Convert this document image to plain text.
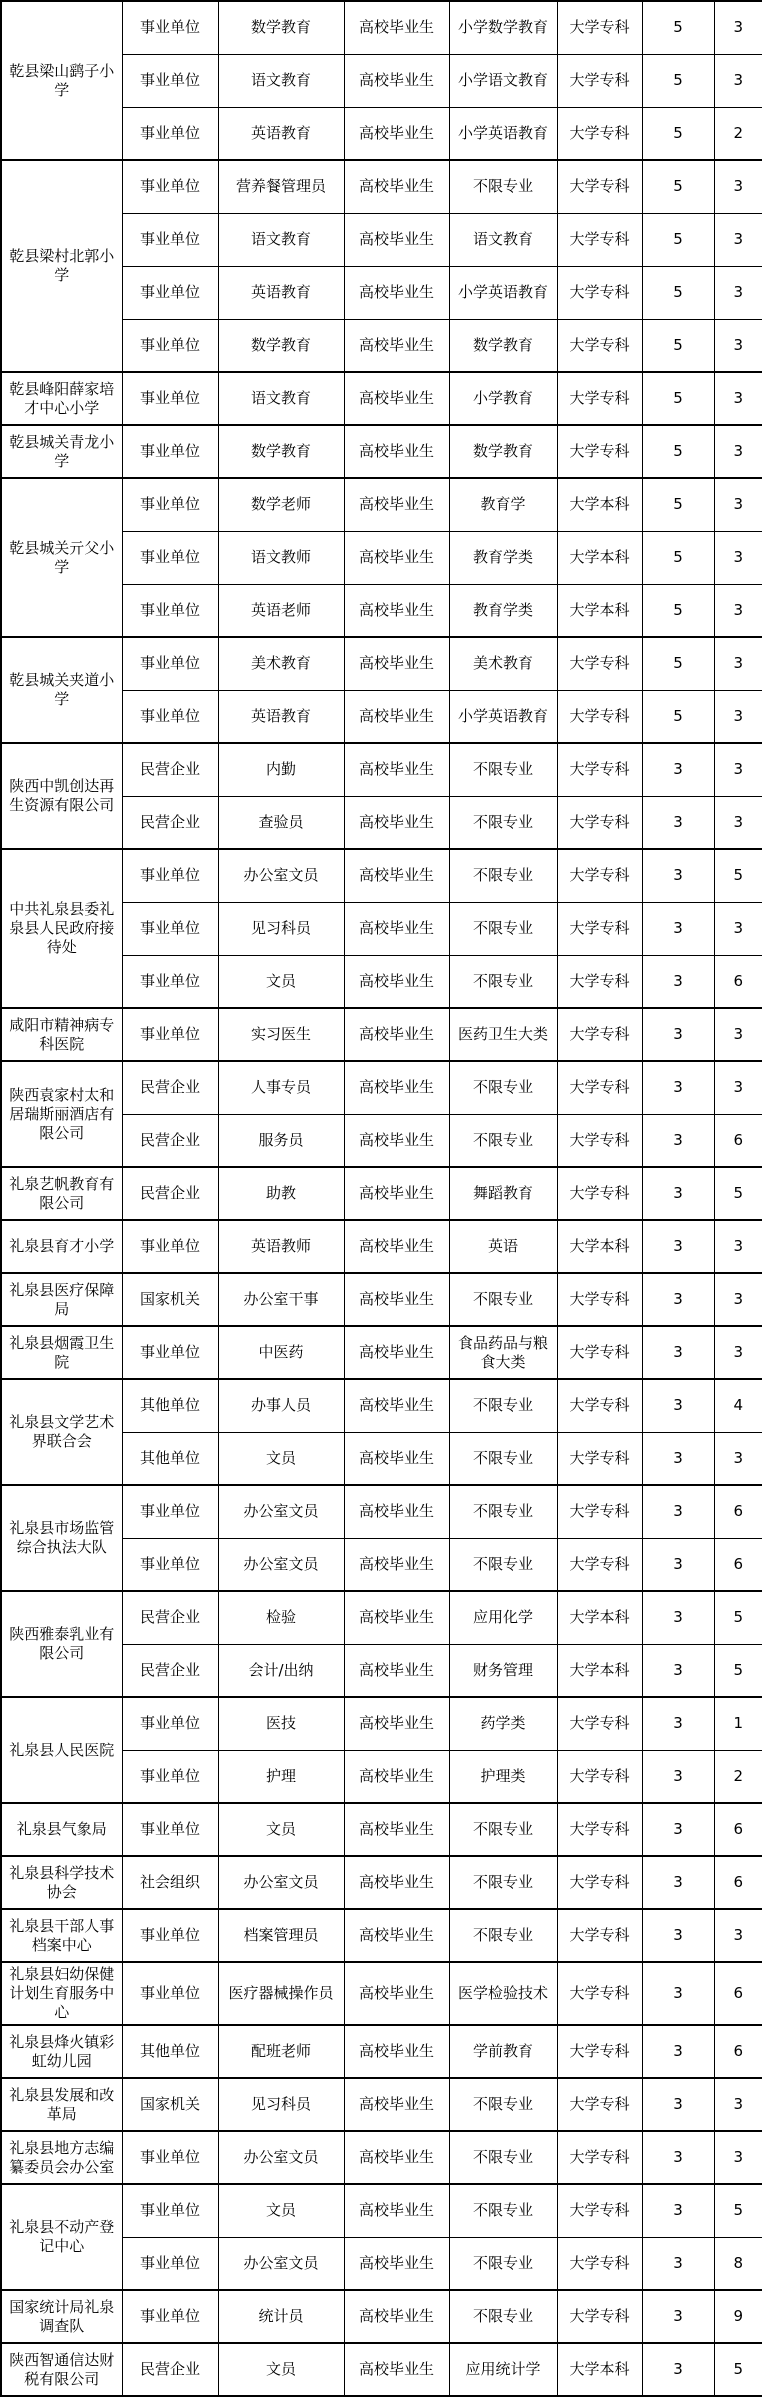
乾县梁山鹞子小学	事业单位	数学教育	高校毕业生	小学数学教育	大学专科	5	3
	事业单位	语文教育	高校毕业生	小学语文教育	大学专科	5	3
	事业单位	英语教育	高校毕业生	小学英语教育	大学专科	5	2
乾县梁村北郭小学	事业单位	营养餐管理员	高校毕业生	不限专业	大学专科	5	3
	事业单位	语文教育	高校毕业生	语文教育	大学专科	5	3
	事业单位	英语教育	高校毕业生	小学英语教育	大学专科	5	3
	事业单位	数学教育	高校毕业生	数学教育	大学专科	5	3
乾县峰阳薛家培才中心小学	事业单位	语文教育	高校毕业生	小学教育	大学专科	5	3
乾县城关青龙小学	事业单位	数学教育	高校毕业生	数学教育	大学专科	5	3
乾县城关亓父小学	事业单位	数学老师	高校毕业生	教育学	大学本科	5	3
	事业单位	语文教师	高校毕业生	教育学类	大学本科	5	3
	事业单位	英语老师	高校毕业生	教育学类	大学本科	5	3
乾县城关夹道小学	事业单位	美术教育	高校毕业生	美术教育	大学专科	5	3
	事业单位	英语教育	高校毕业生	小学英语教育	大学专科	5	3
陕西中凯创达再生资源有限公司	民营企业	内勤	高校毕业生	不限专业	大学专科	3	3
	民营企业	查验员	高校毕业生	不限专业	大学专科	3	3
中共礼泉县委礼泉县人民政府接待处	事业单位	办公室文员	高校毕业生	不限专业	大学专科	3	5
	事业单位	见习科员	高校毕业生	不限专业	大学专科	3	3
	事业单位	文员	高校毕业生	不限专业	大学专科	3	6
咸阳市精神病专科医院	事业单位	实习医生	高校毕业生	医药卫生大类	大学专科	3	3
陕西袁家村太和居瑞斯丽酒店有限公司	民营企业	人事专员	高校毕业生	不限专业	大学专科	3	3
	民营企业	服务员	高校毕业生	不限专业	大学专科	3	6
礼泉艺帆教育有限公司	民营企业	助教	高校毕业生	舞蹈教育	大学专科	3	5
礼泉县育才小学	事业单位	英语教师	高校毕业生	英语	大学本科	3	3
礼泉县医疗保障局	国家机关	办公室干事	高校毕业生	不限专业	大学专科	3	3
礼泉县烟霞卫生院	事业单位	中医药	高校毕业生	食品药品与粮食大类	大学专科	3	3
礼泉县文学艺术界联合会	其他单位	办事人员	高校毕业生	不限专业	大学专科	3	4
	其他单位	文员	高校毕业生	不限专业	大学专科	3	3
礼泉县市场监管综合执法大队	事业单位	办公室文员	高校毕业生	不限专业	大学专科	3	6
	事业单位	办公室文员	高校毕业生	不限专业	大学专科	3	6
陕西雅泰乳业有限公司	民营企业	检验	高校毕业生	应用化学	大学本科	3	5
	民营企业	会计/出纳	高校毕业生	财务管理	大学本科	3	5
礼泉县人民医院	事业单位	医技	高校毕业生	药学类	大学专科	3	1
	事业单位	护理	高校毕业生	护理类	大学专科	3	2
礼泉县气象局	事业单位	文员	高校毕业生	不限专业	大学专科	3	6
礼泉县科学技术协会	社会组织	办公室文员	高校毕业生	不限专业	大学专科	3	6
礼泉县干部人事档案中心	事业单位	档案管理员	高校毕业生	不限专业	大学专科	3	3
礼泉县妇幼保健计划生育服务中心	事业单位	医疗器械操作员	高校毕业生	医学检验技术	大学专科	3	6
礼泉县烽火镇彩虹幼儿园	其他单位	配班老师	高校毕业生	学前教育	大学专科	3	6
礼泉县发展和改革局	国家机关	见习科员	高校毕业生	不限专业	大学专科	3	3
礼泉县地方志编纂委员会办公室	事业单位	办公室文员	高校毕业生	不限专业	大学专科	3	3
礼泉县不动产登记中心	事业单位	文员	高校毕业生	不限专业	大学专科	3	5
	事业单位	办公室文员	高校毕业生	不限专业	大学专科	3	8
国家统计局礼泉调查队	事业单位	统计员	高校毕业生	不限专业	大学专科	3	9
陕西智通信达财税有限公司	民营企业	文员	高校毕业生	应用统计学	大学本科	3	5
